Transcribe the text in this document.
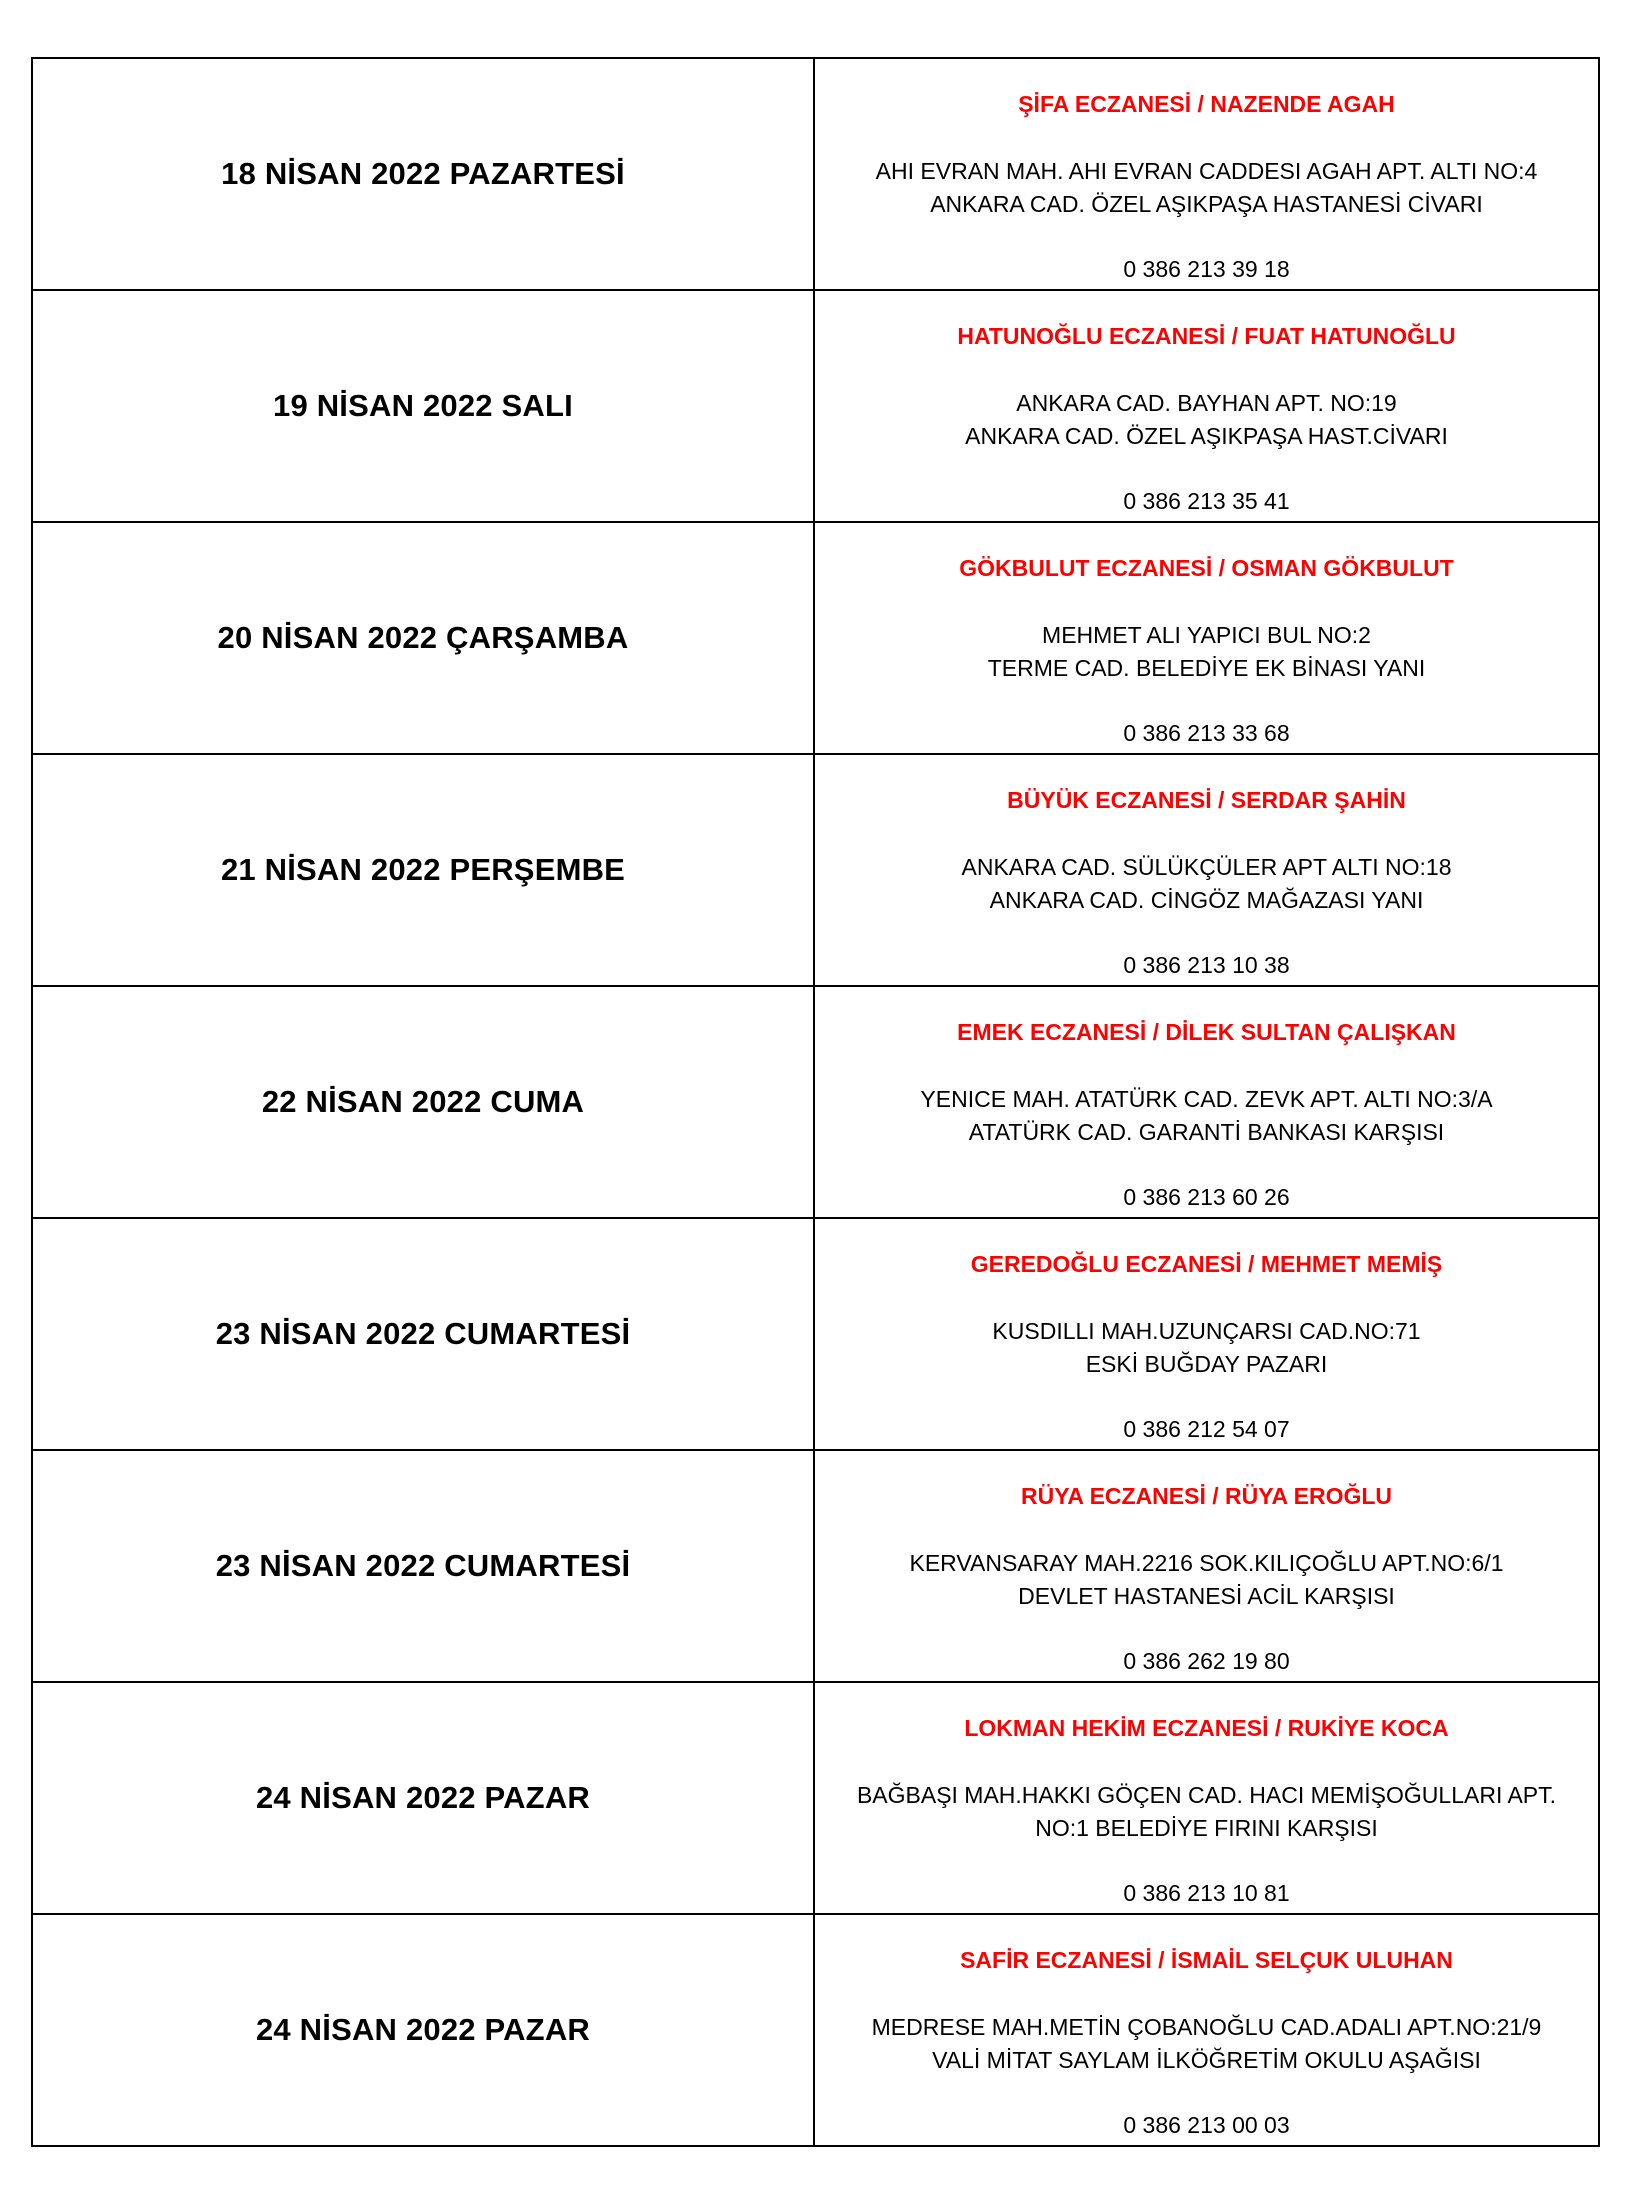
18 NİSAN 2022 PAZARTESİ	ŞİFA ECZANESİ / NAZENDE AGAH
AHI EVRAN MAH. AHI EVRAN CADDESI AGAH APT. ALTI NO:4
ANKARA CAD. ÖZEL AŞIKPAŞA HASTANESİ CİVARI
0 386 213 39 18

19 NİSAN 2022 SALI	HATUNOĞLU ECZANESİ / FUAT HATUNOĞLU
ANKARA CAD. BAYHAN APT. NO:19
ANKARA CAD. ÖZEL AŞIKPAŞA HAST.CİVARI
0 386 213 35 41

20 NİSAN 2022 ÇARŞAMBA	GÖKBULUT ECZANESİ / OSMAN GÖKBULUT
MEHMET ALI YAPICI BUL NO:2
TERME CAD. BELEDİYE EK BİNASI YANI
0 386 213 33 68

21 NİSAN 2022 PERŞEMBE	BÜYÜK ECZANESİ / SERDAR ŞAHİN
ANKARA CAD. SÜLÜKÇÜLER APT ALTI NO:18
ANKARA CAD. CİNGÖZ MAĞAZASI YANI
0 386 213 10 38

22 NİSAN 2022 CUMA	EMEK ECZANESİ / DİLEK SULTAN ÇALIŞKAN
YENICE MAH. ATATÜRK CAD. ZEVK APT. ALTI NO:3/A
ATATÜRK CAD. GARANTİ BANKASI KARŞISI
0 386 213 60 26

23 NİSAN 2022 CUMARTESİ	GEREDOĞLU ECZANESİ / MEHMET MEMİŞ
KUSDILLI MAH.UZUNÇARSI CAD.NO:71
ESKİ BUĞDAY PAZARI
0 386 212 54 07

23 NİSAN 2022 CUMARTESİ	RÜYA ECZANESİ / RÜYA EROĞLU
KERVANSARAY MAH.2216 SOK.KILIÇOĞLU APT.NO:6/1
DEVLET HASTANESİ ACİL KARŞISI
0 386 262 19 80

24 NİSAN 2022 PAZAR	LOKMAN HEKİM ECZANESİ / RUKİYE KOCA
BAĞBAŞI MAH.HAKKI GÖÇEN CAD. HACI MEMİŞOĞULLARI APT.
NO:1 BELEDİYE FIRINI KARŞISI
0 386 213 10 81

24 NİSAN 2022 PAZAR	SAFİR ECZANESİ / İSMAİL SELÇUK ULUHAN
MEDRESE MAH.METİN ÇOBANOĞLU CAD.ADALI APT.NO:21/9
VALİ MİTAT SAYLAM İLKÖĞRETİM OKULU AŞAĞISI
0 386 213 00 03
